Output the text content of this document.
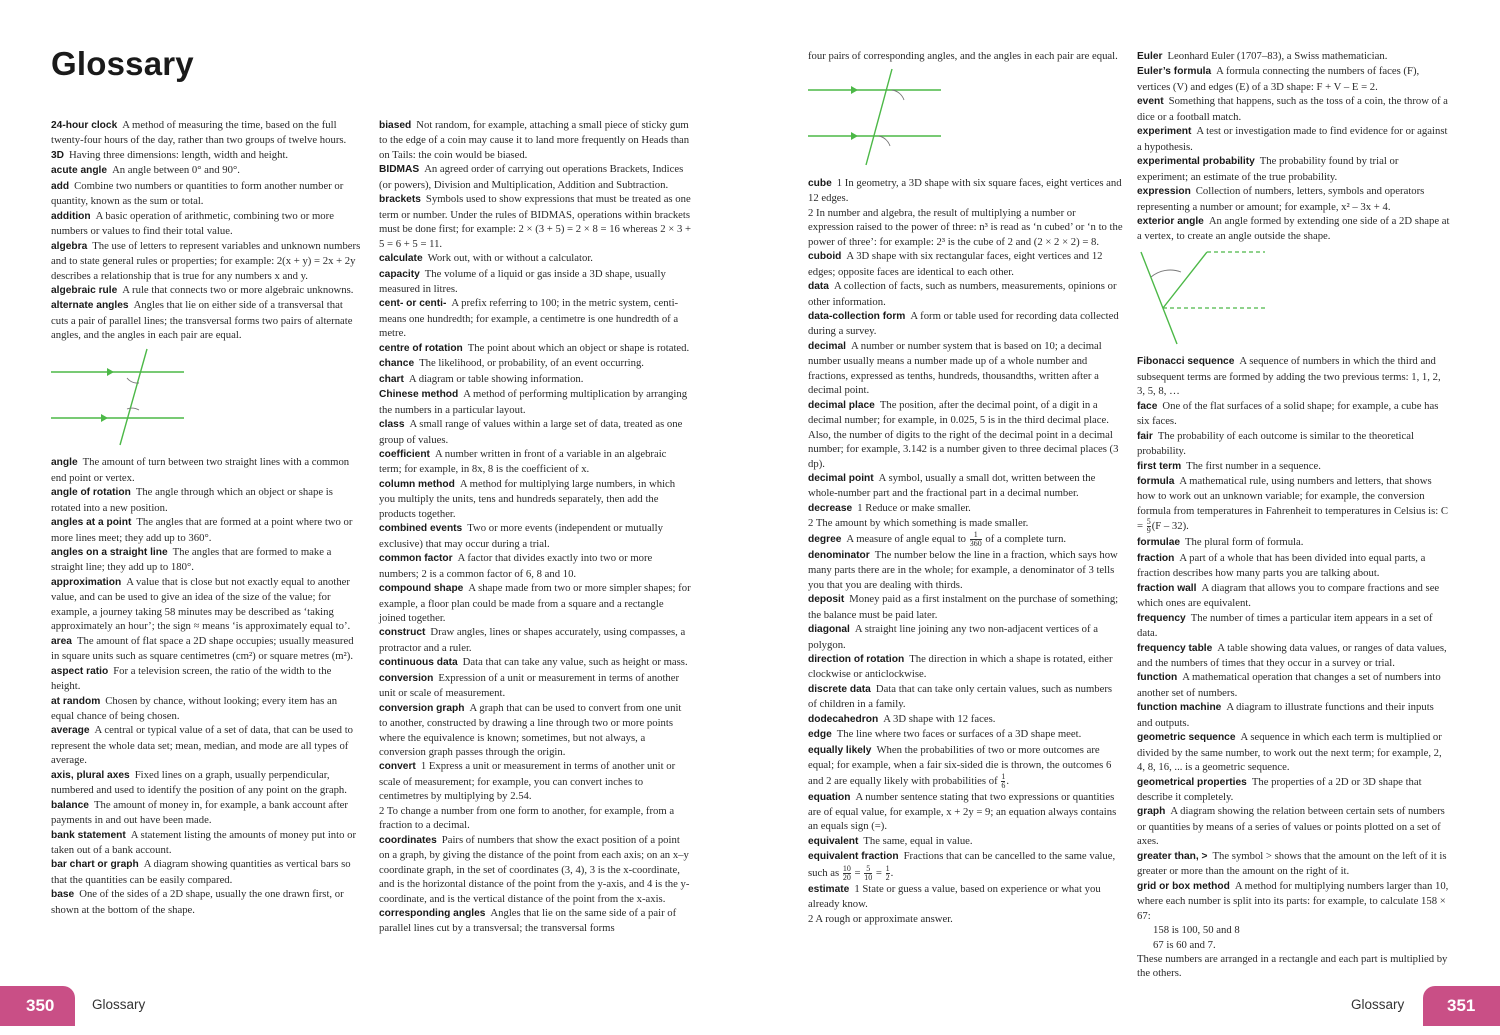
Glossary

24-hour clock A method of measuring the time, based on the full twenty-four hours of the day, rather than two groups of twelve hours.

3D Having three dimensions: length, width and height.

acute angle An angle between 0° and 90°.

add Combine two numbers or quantities to form another number or quantity, known as the sum or total.

addition A basic operation of arithmetic, combining two or more numbers or values to find their total value.

algebra The use of letters to represent variables and unknown numbers and to state general rules or properties; for example: 2(x + y) = 2x + 2y describes a relationship that is true for any numbers x and y.

algebraic rule A rule that connects two or more algebraic unknowns.

alternate angles Angles that lie on either side of a transversal that cuts a pair of parallel lines; the transversal forms two pairs of alternate angles, and the angles in each pair are equal.

angle The amount of turn between two straight lines with a common end point or vertex.

angle of rotation The angle through which an object or shape is rotated into a new position.

angles at a point The angles that are formed at a point where two or more lines meet; they add up to 360°.

angles on a straight line The angles that are formed to make a straight line; they add up to 180°.

approximation A value that is close but not exactly equal to another value, and can be used to give an idea of the size of the value; for example, a journey taking 58 minutes may be described as ‘taking approximately an hour’; the sign ≈ means ‘is approximately equal to’.

area The amount of flat space a 2D shape occupies; usually measured in square units such as square centimetres (cm²) or square metres (m²).

aspect ratio For a television screen, the ratio of the width to the height.

at random Chosen by chance, without looking; every item has an equal chance of being chosen.

average A central or typical value of a set of data, that can be used to represent the whole data set; mean, median, and mode are all types of average.

axis, plural axes Fixed lines on a graph, usually perpendicular, numbered and used to identify the position of any point on the graph.

balance The amount of money in, for example, a bank account after payments in and out have been made.

bank statement A statement listing the amounts of money put into or taken out of a bank account.

bar chart or graph A diagram showing quantities as vertical bars so that the quantities can be easily compared.

base One of the sides of a 2D shape, usually the one drawn first, or shown at the bottom of the shape.

biased Not random, for example, attaching a small piece of sticky gum to the edge of a coin may cause it to land more frequently on Heads than on Tails: the coin would be biased.

BIDMAS An agreed order of carrying out operations Brackets, Indices (or powers), Division and Multiplication, Addition and Subtraction.

brackets Symbols used to show expressions that must be treated as one term or number. Under the rules of BIDMAS, operations within brackets must be done first; for example: 2 × (3 + 5) = 2 × 8 = 16 whereas 2 × 3 + 5 = 6 + 5 = 11.

calculate Work out, with or without a calculator.

capacity The volume of a liquid or gas inside a 3D shape, usually measured in litres.

cent- or centi- A prefix referring to 100; in the metric system, centi- means one hundredth; for example, a centimetre is one hundredth of a metre.

centre of rotation The point about which an object or shape is rotated.

chance The likelihood, or probability, of an event occurring.

chart A diagram or table showing information.

Chinese method A method of performing multiplication by arranging the numbers in a particular layout.

class A small range of values within a large set of data, treated as one group of values.

coefficient A number written in front of a variable in an algebraic term; for example, in 8x, 8 is the coefficient of x.

column method A method for multiplying large numbers, in which you multiply the units, tens and hundreds separately, then add the products together.

combined events Two or more events (independent or mutually exclusive) that may occur during a trial.

common factor A factor that divides exactly into two or more numbers; 2 is a common factor of 6, 8 and 10.

compound shape A shape made from two or more simpler shapes; for example, a floor plan could be made from a square and a rectangle joined together.

construct Draw angles, lines or shapes accurately, using compasses, a protractor and a ruler.

continuous data Data that can take any value, such as height or mass.

conversion Expression of a unit or measurement in terms of another unit or scale of measurement.

conversion graph A graph that can be used to convert from one unit to another, constructed by drawing a line through two or more points where the equivalence is known; sometimes, but not always, a conversion graph passes through the origin.

convert 1 Express a unit or measurement in terms of another unit or scale of measurement; for example, you can convert inches to centimetres by multiplying by 2.54.

2 To change a number from one form to another, for example, from a fraction to a decimal.

coordinates Pairs of numbers that show the exact position of a point on a graph, by giving the distance of the point from each axis; on an x–y coordinate graph, in the set of coordinates (3, 4), 3 is the x-coordinate, and is the horizontal distance of the point from the y-axis, and 4 is the y-coordinate, and is the vertical distance of the point from the x-axis.

corresponding angles Angles that lie on the same side of a pair of parallel lines cut by a transversal; the transversal forms

four pairs of corresponding angles, and the angles in each pair are equal.

cube 1 In geometry, a 3D shape with six square faces, eight vertices and 12 edges.

2 In number and algebra, the result of multiplying a number or expression raised to the power of three: n³ is read as ‘n cubed’ or ‘n to the power of three’: for example: 2³ is the cube of 2 and (2 × 2 × 2) = 8.

cuboid A 3D shape with six rectangular faces, eight vertices and 12 edges; opposite faces are identical to each other.

data A collection of facts, such as numbers, measurements, opinions or other information.

data-collection form A form or table used for recording data collected during a survey.

decimal A number or number system that is based on 10; a decimal number usually means a number made up of a whole number and fractions, expressed as tenths, hundreds, thousandths, written after a decimal point.

decimal place The position, after the decimal point, of a digit in a decimal number; for example, in 0.025, 5 is in the third decimal place. Also, the number of digits to the right of the decimal point in a decimal number; for example, 3.142 is a number given to three decimal places (3 dp).

decimal point A symbol, usually a small dot, written between the whole-number part and the fractional part in a decimal number.

decrease 1 Reduce or make smaller.

2 The amount by which something is made smaller.

degree A measure of angle equal to $\frac{1}{360}$ of a complete turn.

denominator The number below the line in a fraction, which says how many parts there are in the whole; for example, a denominator of 3 tells you that you are dealing with thirds.

deposit Money paid as a first instalment on the purchase of something; the balance must be paid later.

diagonal A straight line joining any two non-adjacent vertices of a polygon.

direction of rotation The direction in which a shape is rotated, either clockwise or anticlockwise.

discrete data Data that can take only certain values, such as numbers of children in a family.

dodecahedron A 3D shape with 12 faces.

edge The line where two faces or surfaces of a 3D shape meet.

equally likely When the probabilities of two or more outcomes are equal; for example, when a fair six-sided die is thrown, the outcomes 6 and 2 are equally likely with probabilities of $\frac{1}{6}$ .

equation A number sentence stating that two expressions or quantities are of equal value, for example, x + 2y = 9; an equation always contains an equals sign (=).

equivalent The same, equal in value.

equivalent fraction Fractions that can be cancelled to the same value, such as $\frac{10}{20} = \frac{5}{10} = \frac{1}{2}$ .

estimate 1 State or guess a value, based on experience or what you already know.

2 A rough or approximate answer.

Euler Leonhard Euler (1707–83), a Swiss mathematician.

Euler’s formula A formula connecting the numbers of faces (F), vertices (V) and edges (E) of a 3D shape: F + V – E = 2.

event Something that happens, such as the toss of a coin, the throw of a dice or a football match.

experiment A test or investigation made to find evidence for or against a hypothesis.

experimental probability The probability found by trial or experiment; an estimate of the true probability.

expression Collection of numbers, letters, symbols and operators representing a number or amount; for example, x² – 3x + 4.

exterior angle An angle formed by extending one side of a 2D shape at a vertex, to create an angle outside the shape.

Fibonacci sequence A sequence of numbers in which the third and subsequent terms are formed by adding the two previous terms: 1, 1, 2, 3, 5, 8, …

face One of the flat surfaces of a solid shape; for example, a cube has six faces.

fair The probability of each outcome is similar to the theoretical probability.

first term The first number in a sequence.

formula A mathematical rule, using numbers and letters, that shows how to work out an unknown variable; for example, the conversion formula from temperatures in Fahrenheit to temperatures in Celsius is: $C = \frac{5}{9} (F - 32)$.

formulae The plural form of formula.

fraction A part of a whole that has been divided into equal parts, a fraction describes how many parts you are talking about.

fraction wall A diagram that allows you to compare fractions and see which ones are equivalent.

frequency The number of times a particular item appears in a set of data.

frequency table A table showing data values, or ranges of data values, and the numbers of times that they occur in a survey or trial.

function A mathematical operation that changes a set of numbers into another set of numbers.

function machine A diagram to illustrate functions and their inputs and outputs.

geometric sequence A sequence in which each term is multiplied or divided by the same number, to work out the next term; for example, 2, 4, 8, 16, ... is a geometric sequence.

geometrical properties The properties of a 2D or 3D shape that describe it completely.

graph A diagram showing the relation between certain sets of numbers or quantities by means of a series of values or points plotted on a set of axes.

greater than, > The symbol > shows that the amount on the left of it is greater or more than the amount on the right of it.

grid or box method A method for multiplying numbers larger than 10, where each number is split into its parts: for example, to calculate 158 × 67:

158 is 100, 50 and 8

67 is 60 and 7.

These numbers are arranged in a rectangle and each part is multiplied by the others.

350	Glossary	Glossary	351
